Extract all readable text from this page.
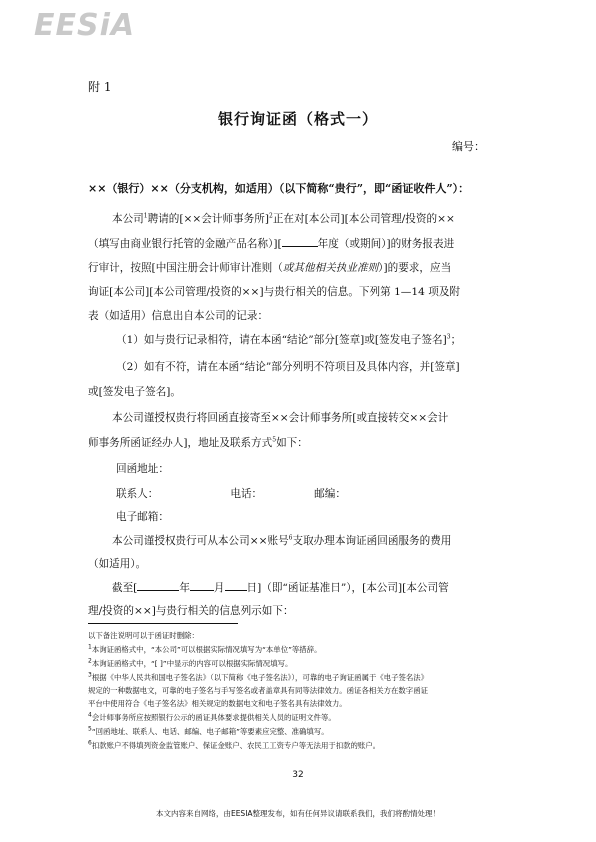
EESiA
附 1
银行询证函（格式一）
编号：
××（银行）××（分支机构，如适用）（以下简称“贵行”，即“函证收件人”）：
本公司$^1$聘请的[××会计师事务所]$^2$正在对[本公司][本公司管理/投资的××
（填写由商业银行托管的金融产品名称）][	年度（或期间）]的财务报表进
行审计，按照[中国注册会计师审计准则（或其他相关执业准则）]的要求，应当
询证[本公司][本公司管理/投资的××]与贵行相关的信息。下列第 1—14 项及附
表（如适用）信息出自本公司的记录：
（1）如与贵行记录相符，请在本函“结论”部分[签章]或[签发电子签名]$^3$；
（2）如有不符，请在本函“结论”部分列明不符项目及具体内容，并[签章]
或[签发电子签名]。
本公司谨授权贵行将回函直接寄至××会计师事务所[或直接转交××会计
师事务所函证经办人]，地址及联系方式$^5$如下：
回函地址：
联系人：	电话：	邮编：
电子邮箱：
本公司谨授权贵行可从本公司××账号$^6$支取办理本询证函回函服务的费用
（如适用）。
截至[	年 月 日]（即“函证基准日”），[本公司][本公司管
理/投资的××]与贵行相关的信息列示如下：
以下备注说明可以于函证时删除：
$^1$本询证函格式中，“本公司”可以根据实际情况填写为“本单位”等措辞。
$^2$本询证函格式中，“[ ]”中显示的内容可以根据实际情况填写。
$^3$根据《中华人民共和国电子签名法》（以下简称《电子签名法》），可靠的电子询证函属于《电子签名法》
规定的一种数据电文，可靠的电子签名与手写签名或者盖章具有同等法律效力。函证各相关方在数字函证
平台中使用符合《电子签名法》相关规定的数据电文和电子签名具有法律效力。
$^4$会计师事务所应按照银行公示的函证具体要求提供相关人员的证明文件等。
$^5$“回函地址、联系人、电话、邮编、电子邮箱”等要素应完整、准确填写。
$^6$扣款账户不得填列资金监管账户、保证金账户、农民工工资专户等无法用于扣款的账户。
32
本文内容来自网络，由EESIA整理发布，如有任何异议请联系我们，我们将酌情处理！
